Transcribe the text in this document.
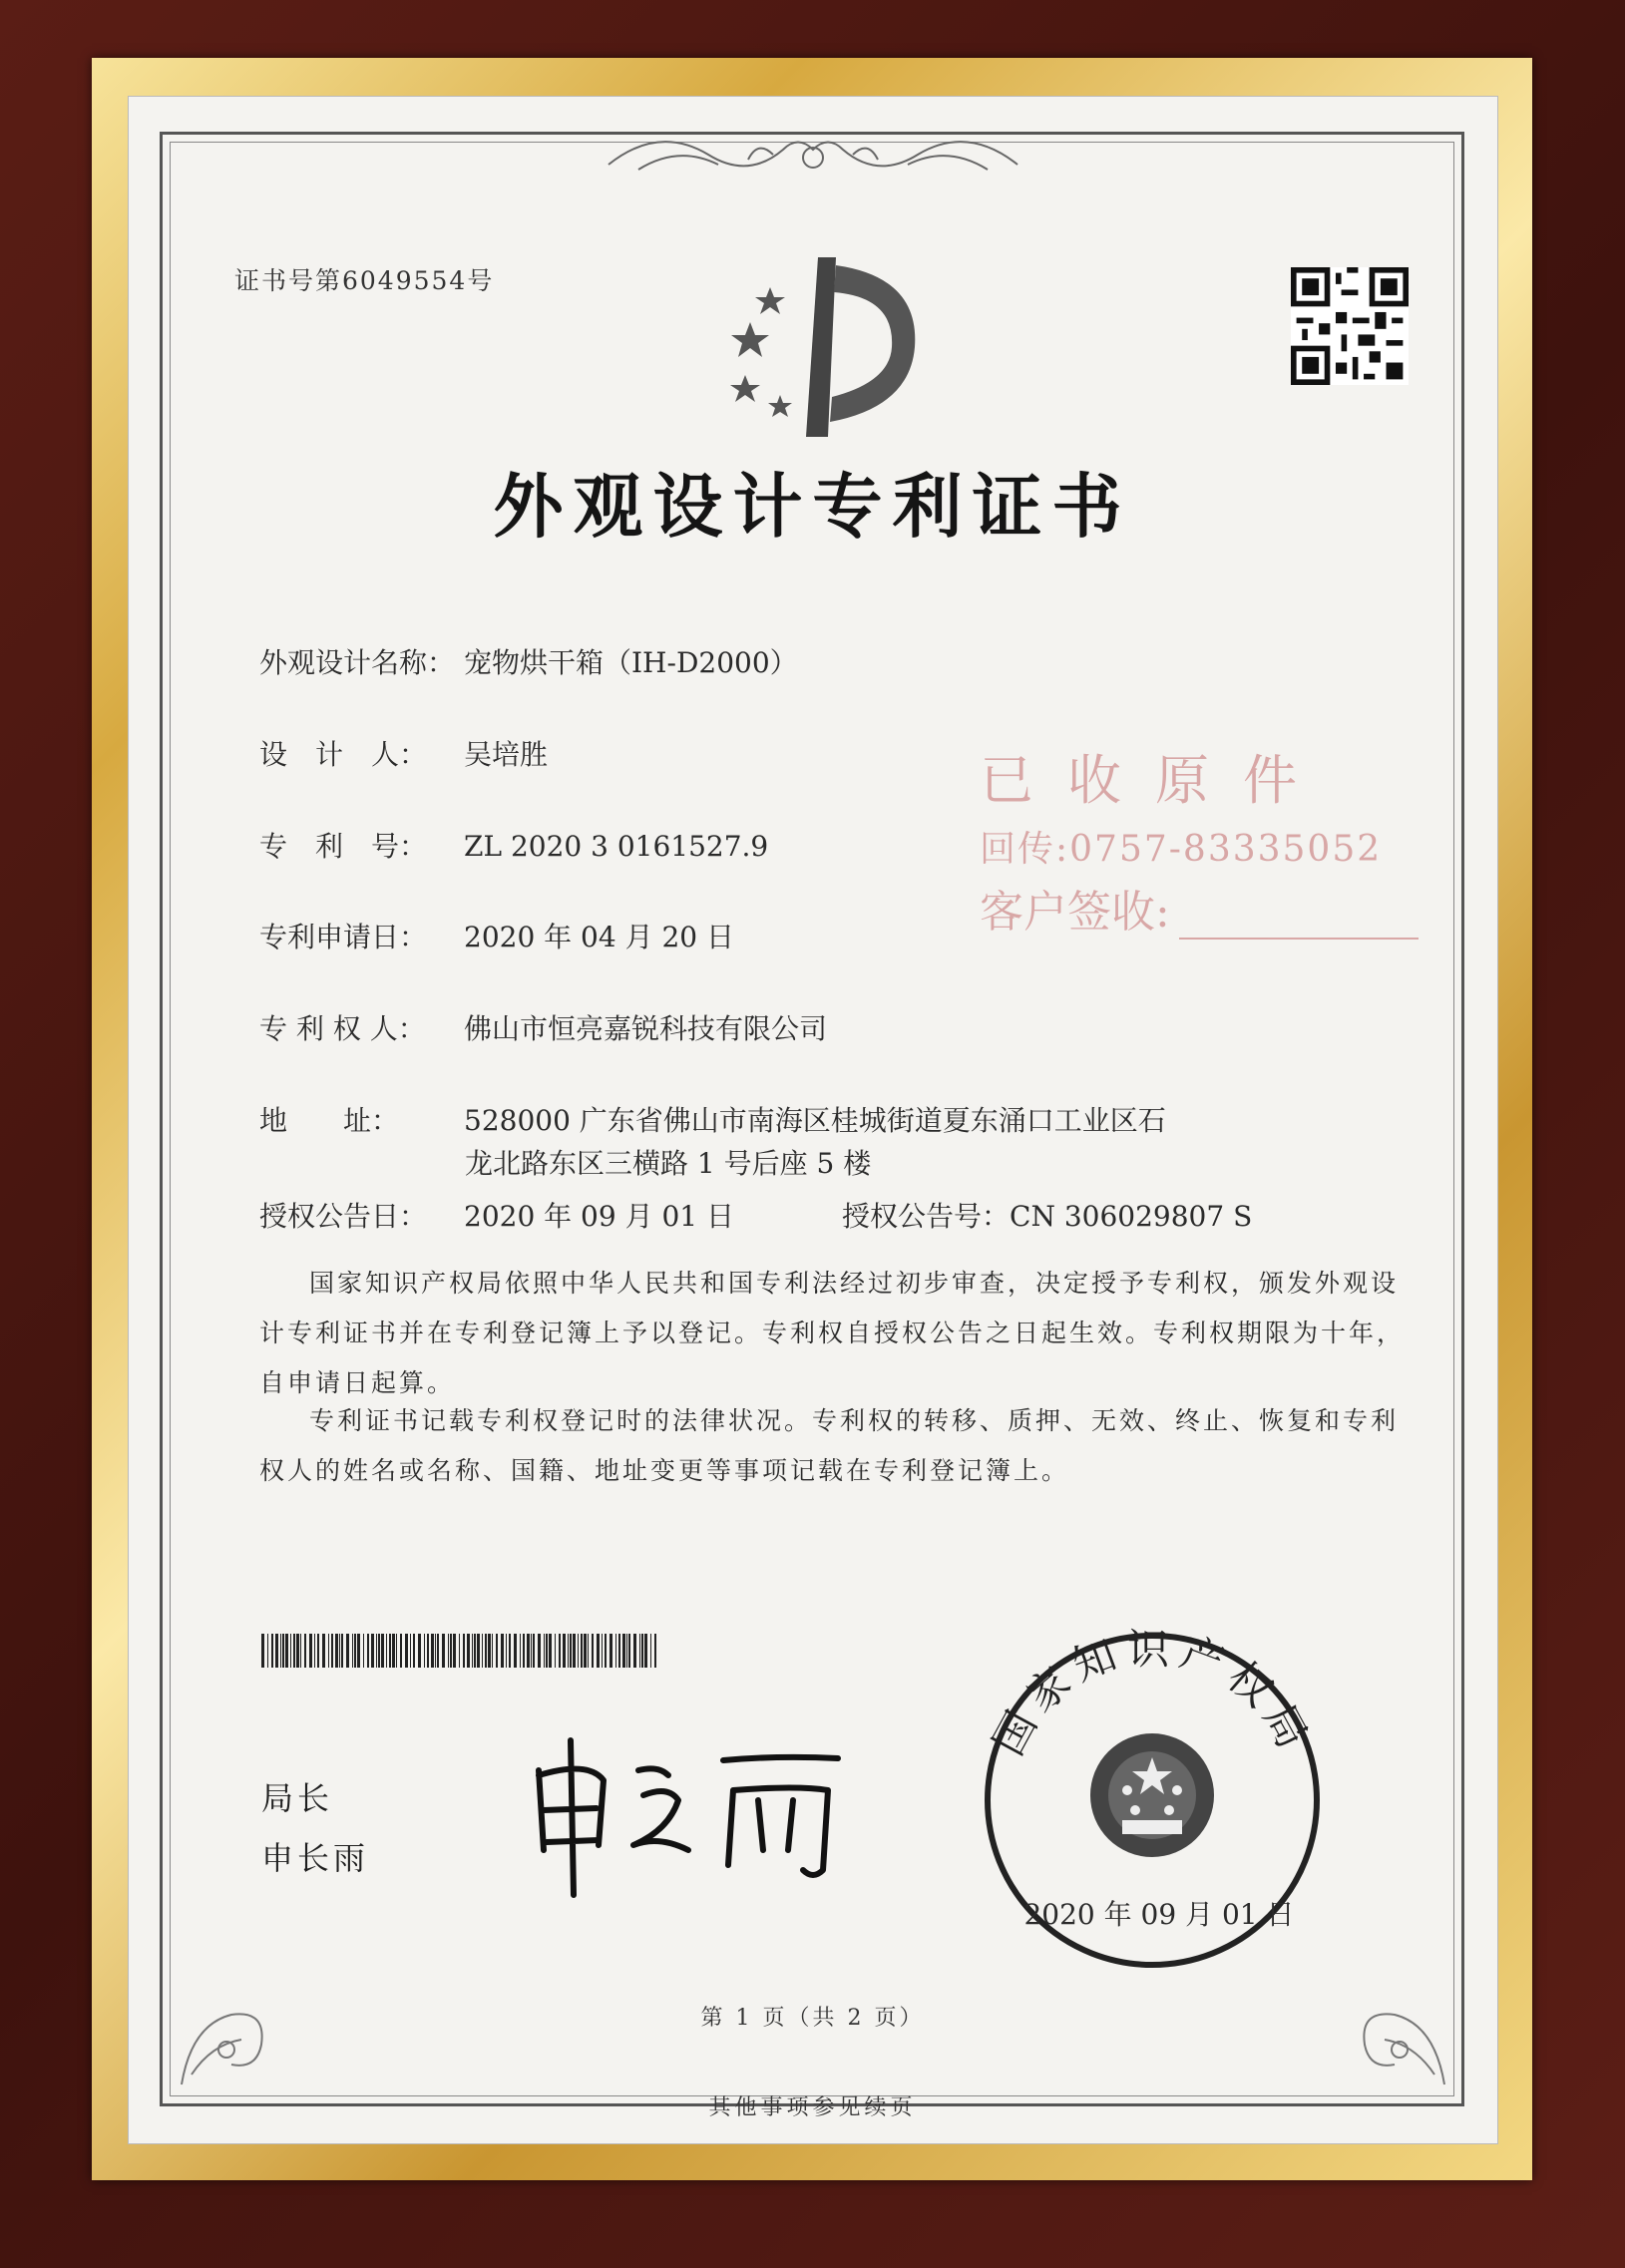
证书号第6049554号
外观设计专利证书
外观设计名称： 宠物烘干箱（IH-D2000）
设　计　人： 吴培胜
专　利　号： ZL 2020 3 0161527.9
专利申请日： 2020 年 04 月 20 日
专 利 权 人： 佛山市恒亮嘉锐科技有限公司
地　　址： 528000 广东省佛山市南海区桂城街道夏东涌口工业区石
龙北路东区三横路 1 号后座 5 楼
授权公告日： 2020 年 09 月 01 日	授权公告号：CN 306029807 S
国家知识产权局依照中华人民共和国专利法经过初步审查，决定授予专利权，颁发外观设计专利证书并在专利登记簿上予以登记。专利权自授权公告之日起生效。专利权期限为十年，自申请日起算。
专利证书记载专利权登记时的法律状况。专利权的转移、质押、无效、终止、恢复和专利权人的姓名或名称、国籍、地址变更等事项记载在专利登记簿上。
已收原件
回传:0757-83335052
客户签收:
局长
申长雨
国家知识产权局
2020 年 09 月 01 日
第 1 页（共 2 页）
其他事项参见续页
